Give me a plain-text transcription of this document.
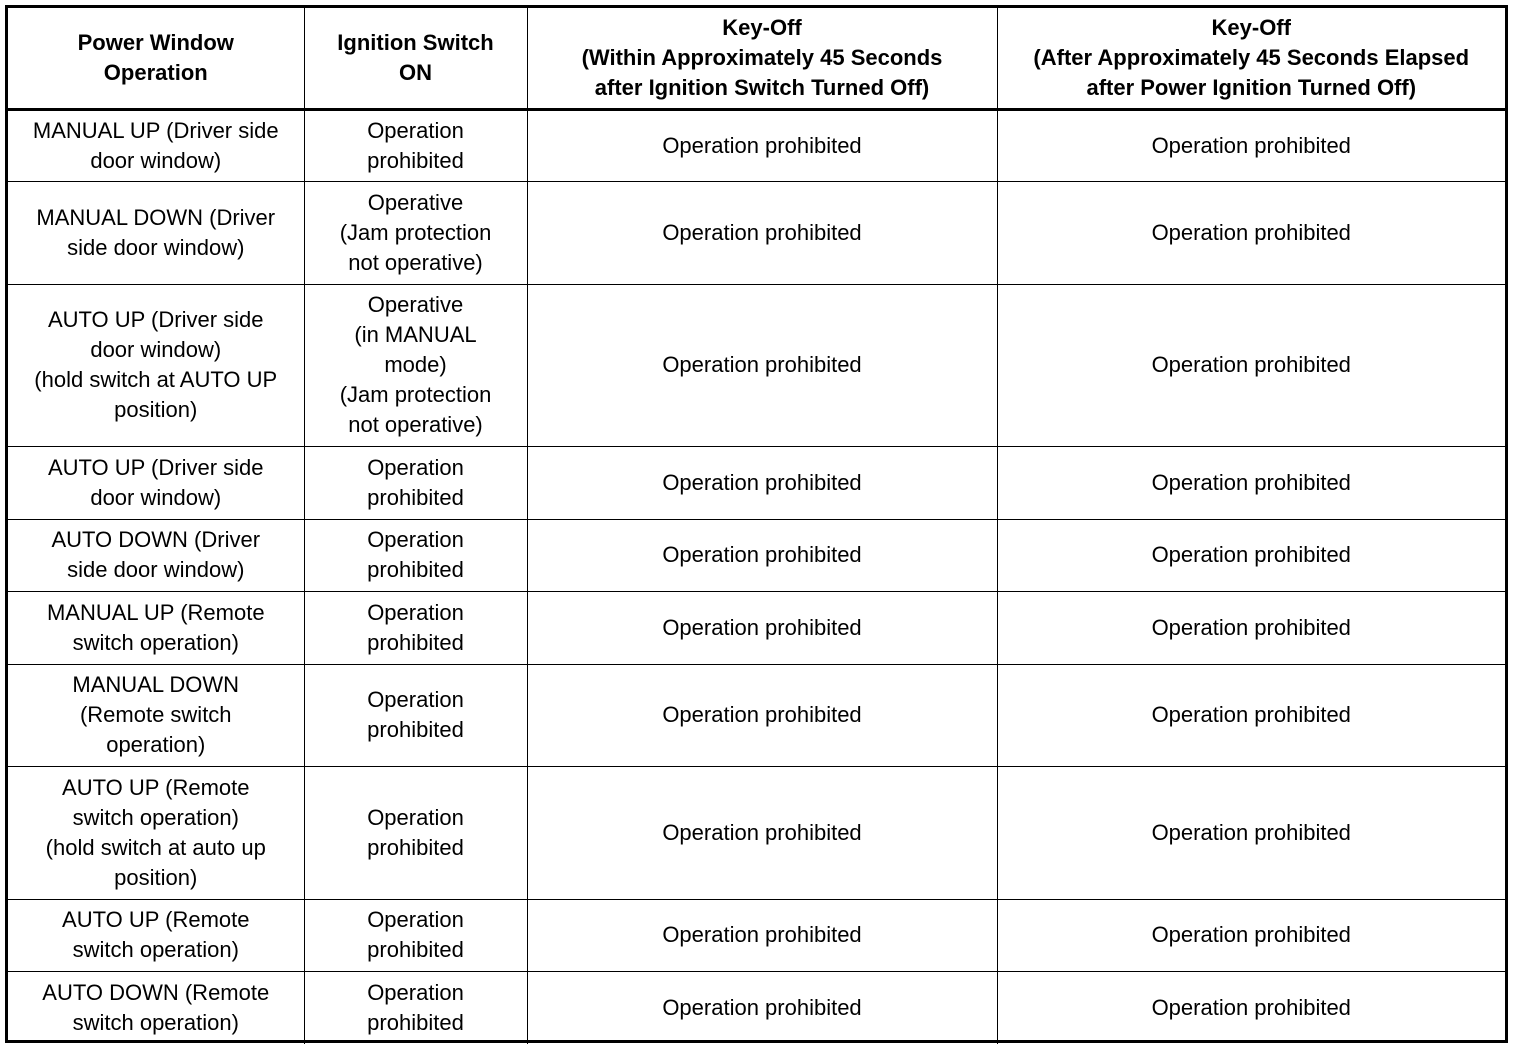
Power Window
Operation	Ignition Switch
ON	Key-Off
(Within Approximately 45 Seconds
after Ignition Switch Turned Off)	Key-Off
(After Approximately 45 Seconds Elapsed
after Power Ignition Turned Off)

MANUAL UP (Driver side
door window)	Operation
prohibited	Operation prohibited	Operation prohibited

MANUAL DOWN (Driver
side door window)	Operative
(Jam protection
not operative)	Operation prohibited	Operation prohibited

AUTO UP (Driver side
door window)
(hold switch at AUTO UP
position)	Operative
(in MANUAL
mode)
(Jam protection
not operative)	Operation prohibited	Operation prohibited

AUTO UP (Driver side
door window)	Operation
prohibited	Operation prohibited	Operation prohibited

AUTO DOWN (Driver
side door window)	Operation
prohibited	Operation prohibited	Operation prohibited

MANUAL UP (Remote
switch operation)	Operation
prohibited	Operation prohibited	Operation prohibited

MANUAL DOWN
(Remote switch
operation)	Operation
prohibited	Operation prohibited	Operation prohibited

AUTO UP (Remote
switch operation)
(hold switch at auto up
position)	Operation
prohibited	Operation prohibited	Operation prohibited

AUTO UP (Remote
switch operation)	Operation
prohibited	Operation prohibited	Operation prohibited

AUTO DOWN (Remote
switch operation)	Operation
prohibited	Operation prohibited	Operation prohibited
